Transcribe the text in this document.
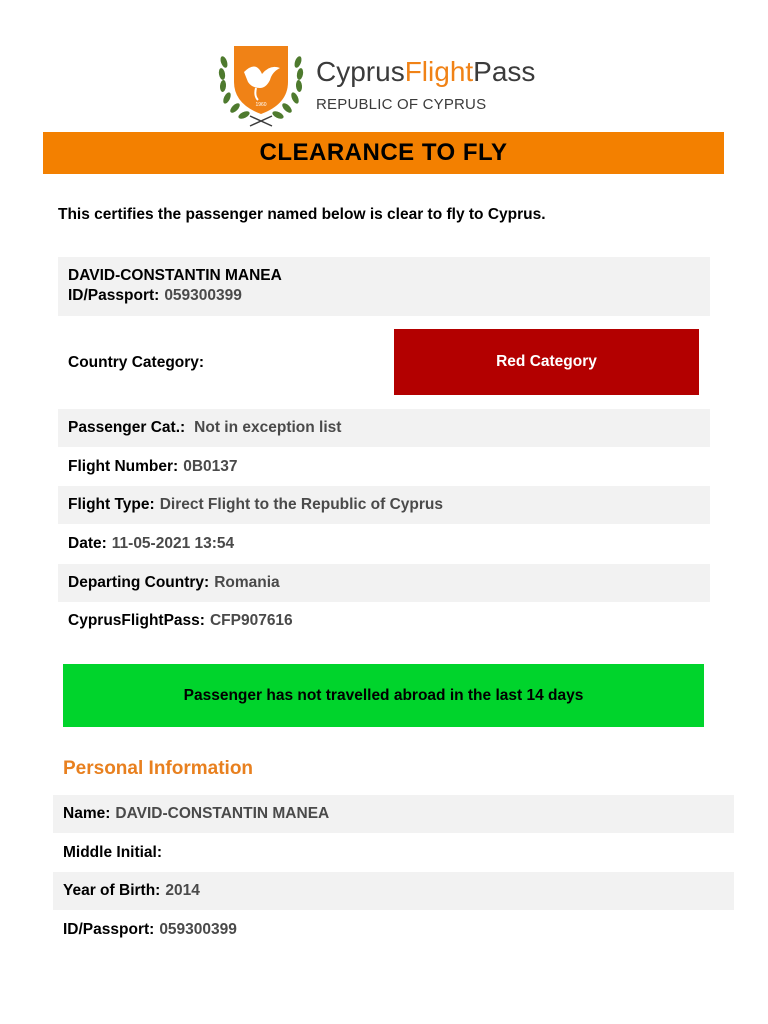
1960
CyprusFlightPass
REPUBLIC OF CYPRUS
CLEARANCE TO FLY
This certifies the passenger named below is clear to fly to Cyprus.
DAVID-CONSTANTIN MANEA
ID/Passport: 059300399
Country Category:	Red Category
Passenger Cat.: Not in exception list
Flight Number: 0B0137
Flight Type: Direct Flight to the Republic of Cyprus
Date: 11-05-2021 13:54
Departing Country: Romania
CyprusFlightPass: CFP907616
Passenger has not travelled abroad in the last 14 days
Personal Information
Name: DAVID-CONSTANTIN MANEA
Middle Initial:
Year of Birth: 2014
ID/Passport: 059300399
